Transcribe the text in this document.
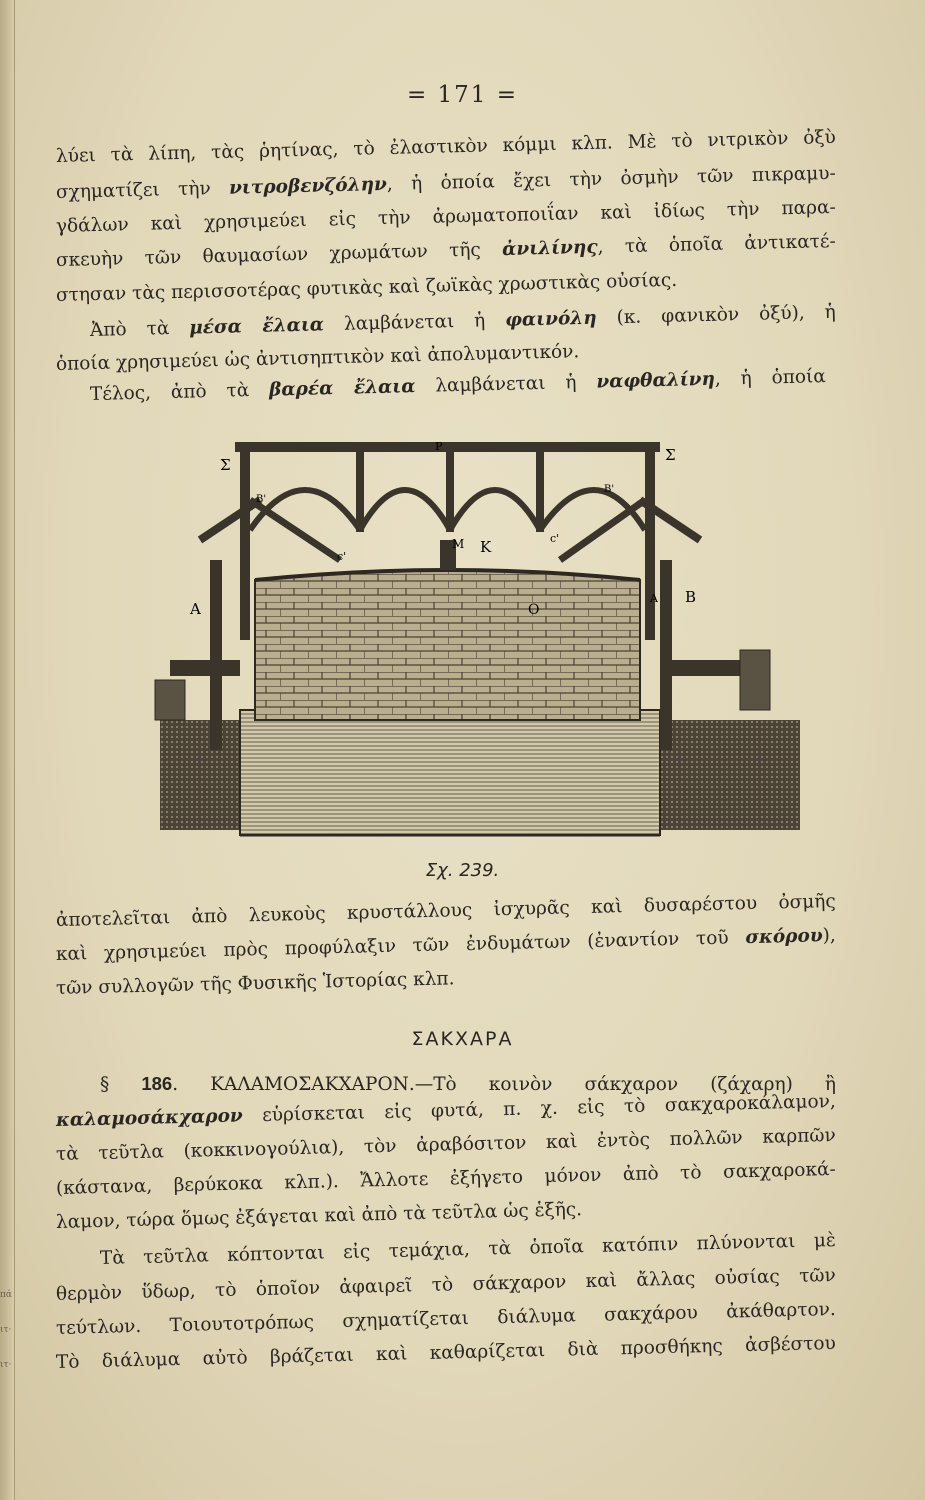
πά
ιτ·
ιτ·
= 171 =
λύει τὰ λίπη, τὰς ῥητίνας, τὸ ἐλαστικὸν κόμμι κλπ. Μὲ τὸ νιτρικὸν ὀξὺ
σχηματίζει τὴν νιτροβενζόλην, ἡ ὁποία ἔχει τὴν ὀσμὴν τῶν πικραμυ-
γδάλων καὶ χρησιμεύει εἰς τὴν ἀρωματοποιΐαν καὶ ἰδίως τὴν παρα-
σκευὴν τῶν θαυμασίων χρωμάτων τῆς ἀνιλίνης, τὰ ὁποῖα ἀντικατέ-
στησαν τὰς περισσοτέρας φυτικὰς καὶ ζωϊκὰς χρωστικὰς οὐσίας.
Ἀπὸ τὰ μέσα ἔλαια λαμβάνεται ἡ φαινόλη (κ. φανικὸν ὀξύ), ἡ
ὁποία χρησιμεύει ὡς ἀντισηπτικὸν καὶ ἀπολυμαντικόν.
Τέλος, ἀπὸ τὰ βαρέα ἔλαια λαμβάνεται ἡ ναφθαλίνη, ἡ ὁποία
Σ
Σ
P
K
M
A
B
O
c'
c'
B'
B'
A
Σχ. 239.
ἀποτελεῖται ἀπὸ λευκοὺς κρυστάλλους ἰσχυρᾶς καὶ δυσαρέστου ὀσμῆς
καὶ χρησιμεύει πρὸς προφύλαξιν τῶν ἐνδυμάτων (ἐναντίον τοῦ σκόρου),
τῶν συλλογῶν τῆς Φυσικῆς Ἱστορίας κλπ.
ΣΑΚΧΑΡΑ
§ 186. ΚΑΛΑΜΟΣΑΚΧΑΡΟΝ.—Τὸ κοινὸν σάκχαρον (ζάχαρη) ἢ
καλαμοσάκχαρον εὑρίσκεται εἰς φυτά, π. χ. εἰς τὸ σακχαροκάλαμον,
τὰ τεῦτλα (κοκκινογούλια), τὸν ἀραβόσιτον καὶ ἐντὸς πολλῶν καρπῶν
(κάστανα, βερύκοκα κλπ.). Ἄλλοτε ἐξήγετο μόνον ἀπὸ τὸ σακχαροκά-
λαμον, τώρα ὅμως ἐξάγεται καὶ ἀπὸ τὰ τεῦτλα ὡς ἑξῆς.
Τὰ τεῦτλα κόπτονται εἰς τεμάχια, τὰ ὁποῖα κατόπιν πλύνονται μὲ
θερμὸν ὕδωρ, τὸ ὁποῖον ἀφαιρεῖ τὸ σάκχαρον καὶ ἄλλας οὐσίας τῶν
τεύτλων. Τοιουτοτρόπως σχηματίζεται διάλυμα σακχάρου ἀκάθαρτον.
Τὸ διάλυμα αὐτὸ βράζεται καὶ καθαρίζεται διὰ προσθήκης ἀσβέστου
